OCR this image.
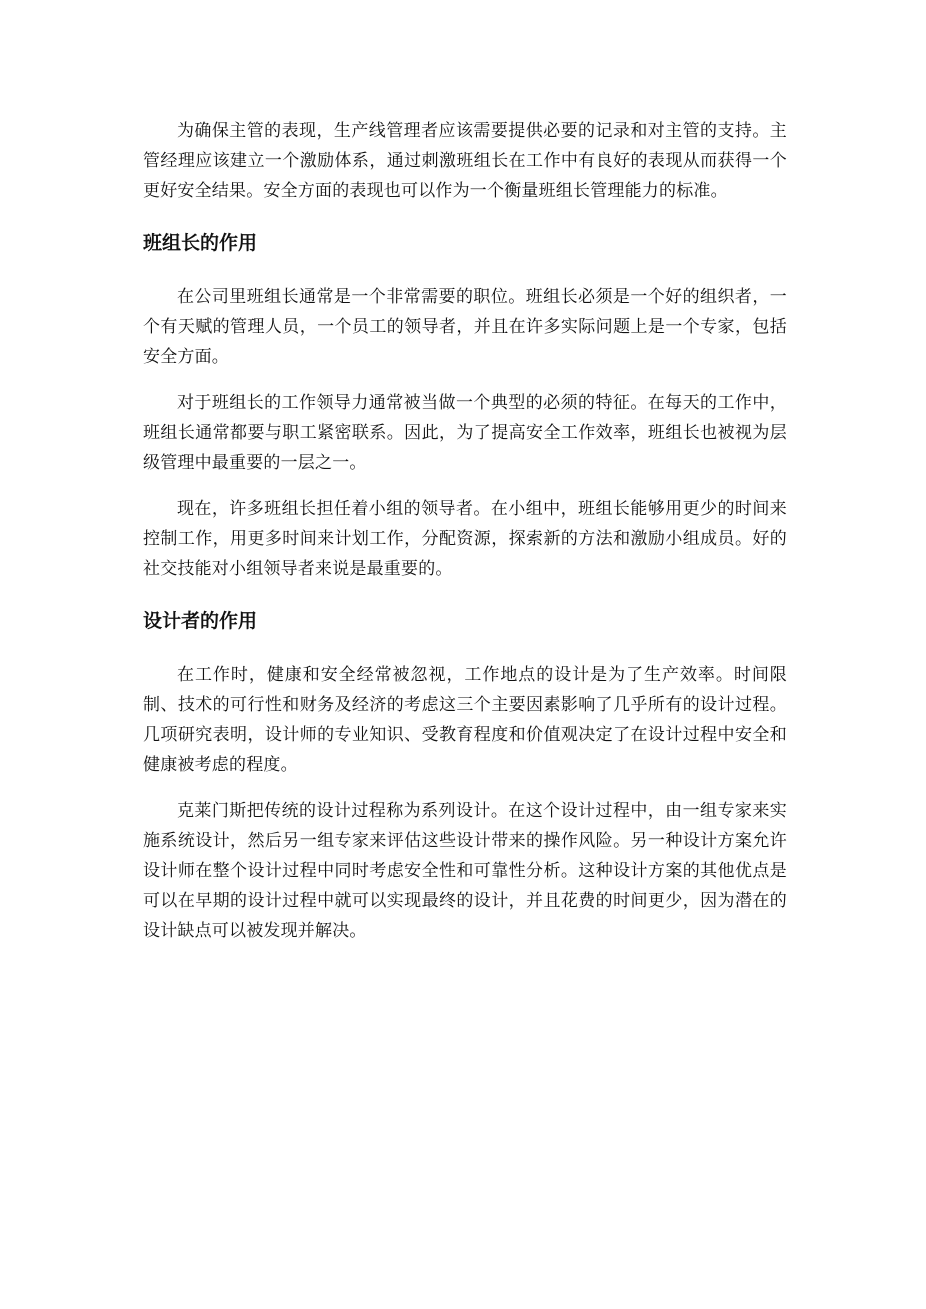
为确保主管的表现，生产线管理者应该需要提供必要的记录和对主管的支持。主管经理应该建立一个激励体系，通过刺激班组长在工作中有良好的表现从而获得一个更好安全结果。安全方面的表现也可以作为一个衡量班组长管理能力的标准。

班组长的作用

在公司里班组长通常是一个非常需要的职位。班组长必须是一个好的组织者，一个有天赋的管理人员，一个员工的领导者，并且在许多实际问题上是一个专家，包括安全方面。

对于班组长的工作领导力通常被当做一个典型的必须的特征。在每天的工作中，班组长通常都要与职工紧密联系。因此，为了提高安全工作效率，班组长也被视为层级管理中最重要的一层之一。

现在，许多班组长担任着小组的领导者。在小组中，班组长能够用更少的时间来控制工作，用更多时间来计划工作，分配资源，探索新的方法和激励小组成员。好的社交技能对小组领导者来说是最重要的。

设计者的作用

在工作时，健康和安全经常被忽视，工作地点的设计是为了生产效率。时间限制、技术的可行性和财务及经济的考虑这三个主要因素影响了几乎所有的设计过程。几项研究表明，设计师的专业知识、受教育程度和价值观决定了在设计过程中安全和健康被考虑的程度。

克莱门斯把传统的设计过程称为系列设计。在这个设计过程中，由一组专家来实施系统设计，然后另一组专家来评估这些设计带来的操作风险。另一种设计方案允许设计师在整个设计过程中同时考虑安全性和可靠性分析。这种设计方案的其他优点是可以在早期的设计过程中就可以实现最终的设计，并且花费的时间更少，因为潜在的设计缺点可以被发现并解决。
